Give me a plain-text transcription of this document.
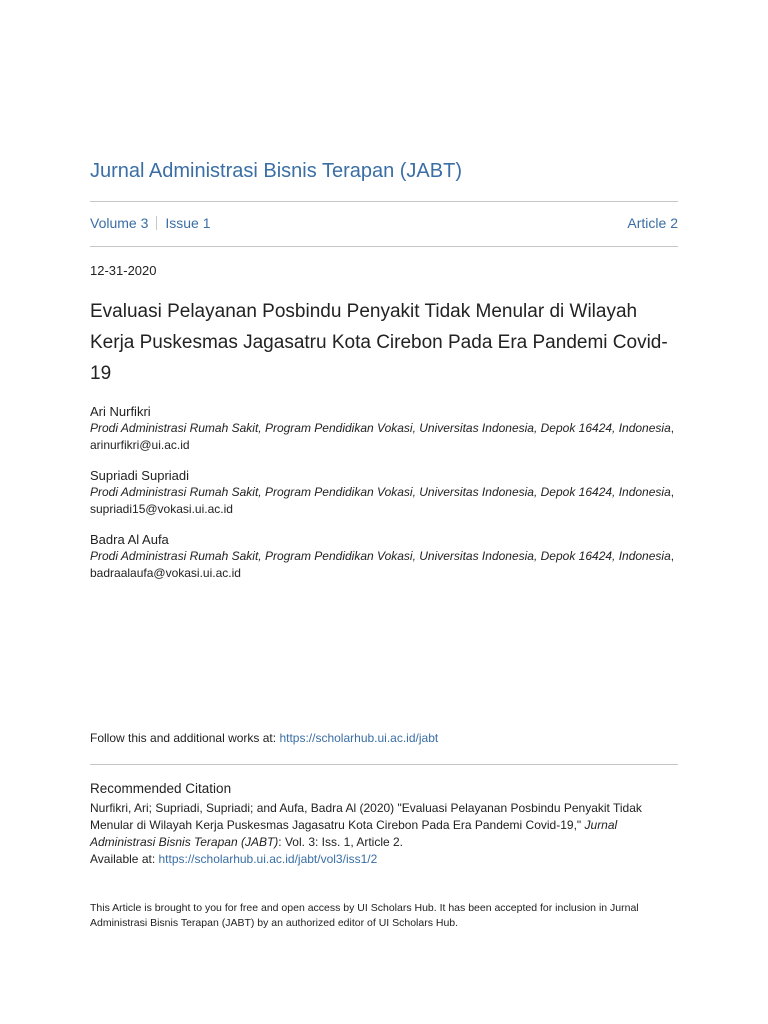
Jurnal Administrasi Bisnis Terapan (JABT)
Volume 3 Issue 1	Article 2
12-31-2020
Evaluasi Pelayanan Posbindu Penyakit Tidak Menular di Wilayah Kerja Puskesmas Jagasatru Kota Cirebon Pada Era Pandemi Covid-19
Ari Nurfikri
Prodi Administrasi Rumah Sakit, Program Pendidikan Vokasi, Universitas Indonesia, Depok 16424, Indonesia, arinurfikri@ui.ac.id
Supriadi Supriadi
Prodi Administrasi Rumah Sakit, Program Pendidikan Vokasi, Universitas Indonesia, Depok 16424, Indonesia, supriadi15@vokasi.ui.ac.id
Badra Al Aufa
Prodi Administrasi Rumah Sakit, Program Pendidikan Vokasi, Universitas Indonesia, Depok 16424, Indonesia, badraalaufa@vokasi.ui.ac.id
Follow this and additional works at: https://scholarhub.ui.ac.id/jabt
Recommended Citation
Nurfikri, Ari; Supriadi, Supriadi; and Aufa, Badra Al (2020) "Evaluasi Pelayanan Posbindu Penyakit Tidak Menular di Wilayah Kerja Puskesmas Jagasatru Kota Cirebon Pada Era Pandemi Covid-19," Jurnal Administrasi Bisnis Terapan (JABT): Vol. 3: Iss. 1, Article 2.
Available at: https://scholarhub.ui.ac.id/jabt/vol3/iss1/2
This Article is brought to you for free and open access by UI Scholars Hub. It has been accepted for inclusion in Jurnal Administrasi Bisnis Terapan (JABT) by an authorized editor of UI Scholars Hub.
